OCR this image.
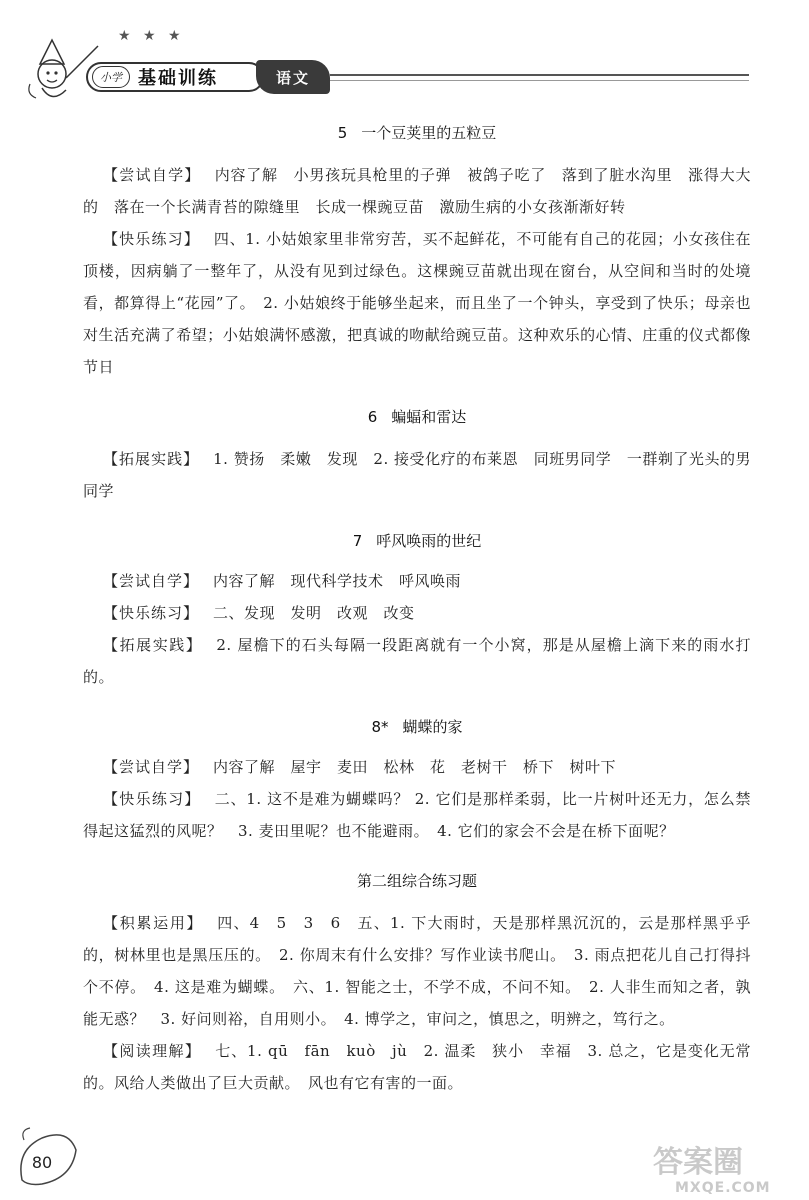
★ ★ ★
小学 基础训练	语文

5 一个豆荚里的五粒豆

【尝试自学】 内容了解　小男孩玩具枪里的子弹　被鸽子吃了　落到了脏水沟里　涨得大大的　落在一个长满青苔的隙缝里　长成一棵豌豆苗　激励生病的小女孩渐渐好转

【快乐练习】 四、1. 小姑娘家里非常穷苦，买不起鲜花，不可能有自己的花园；小女孩住在顶楼，因病躺了一整年了，从没有见到过绿色。这棵豌豆苗就出现在窗台，从空间和当时的处境看，都算得上“花园”了。　2. 小姑娘终于能够坐起来，而且坐了一个钟头，享受到了快乐；母亲也对生活充满了希望；小姑娘满怀感激，把真诚的吻献给豌豆苗。这种欢乐的心情、庄重的仪式都像节日

6 蝙蝠和雷达

【拓展实践】 1. 赞扬　柔嫩　发现　2. 接受化疗的布莱恩　同班男同学　一群剃了光头的男同学

7 呼风唤雨的世纪

【尝试自学】 内容了解　现代科学技术　呼风唤雨

【快乐练习】 二、发现　发明　改观　改变

【拓展实践】 2. 屋檐下的石头每隔一段距离就有一个小窝，那是从屋檐上滴下来的雨水打的。

8* 蝴蝶的家

【尝试自学】 内容了解　屋宇　麦田　松林　花　老树干　桥下　树叶下

【快乐练习】 二、1. 这不是难为蝴蝶吗？ 2. 它们是那样柔弱，比一片树叶还无力，怎么禁得起这猛烈的风呢？　3. 麦田里呢？也不能避雨。　4. 它们的家会不会是在桥下面呢？

第二组综合练习题

【积累运用】 四、4　5　3　6　五、1. 下大雨时，天是那样黑沉沉的，云是那样黑乎乎的，树林里也是黑压压的。　2. 你周末有什么安排？写作业读书爬山。　3. 雨点把花儿自己打得抖个不停。　4. 这是难为蝴蝶。　六、1. 智能之士，不学不成，不问不知。　2. 人非生而知之者，孰能无惑？　3. 好问则裕，自用则小。　4. 博学之，审问之，慎思之，明辨之，笃行之。

【阅读理解】 七、1. qū　fān　kuò　jù　2. 温柔　狭小　幸福　3. 总之，它是变化无常的。风给人类做出了巨大贡献。　风也有它有害的一面。

80	答案圈
MXQE.COM
